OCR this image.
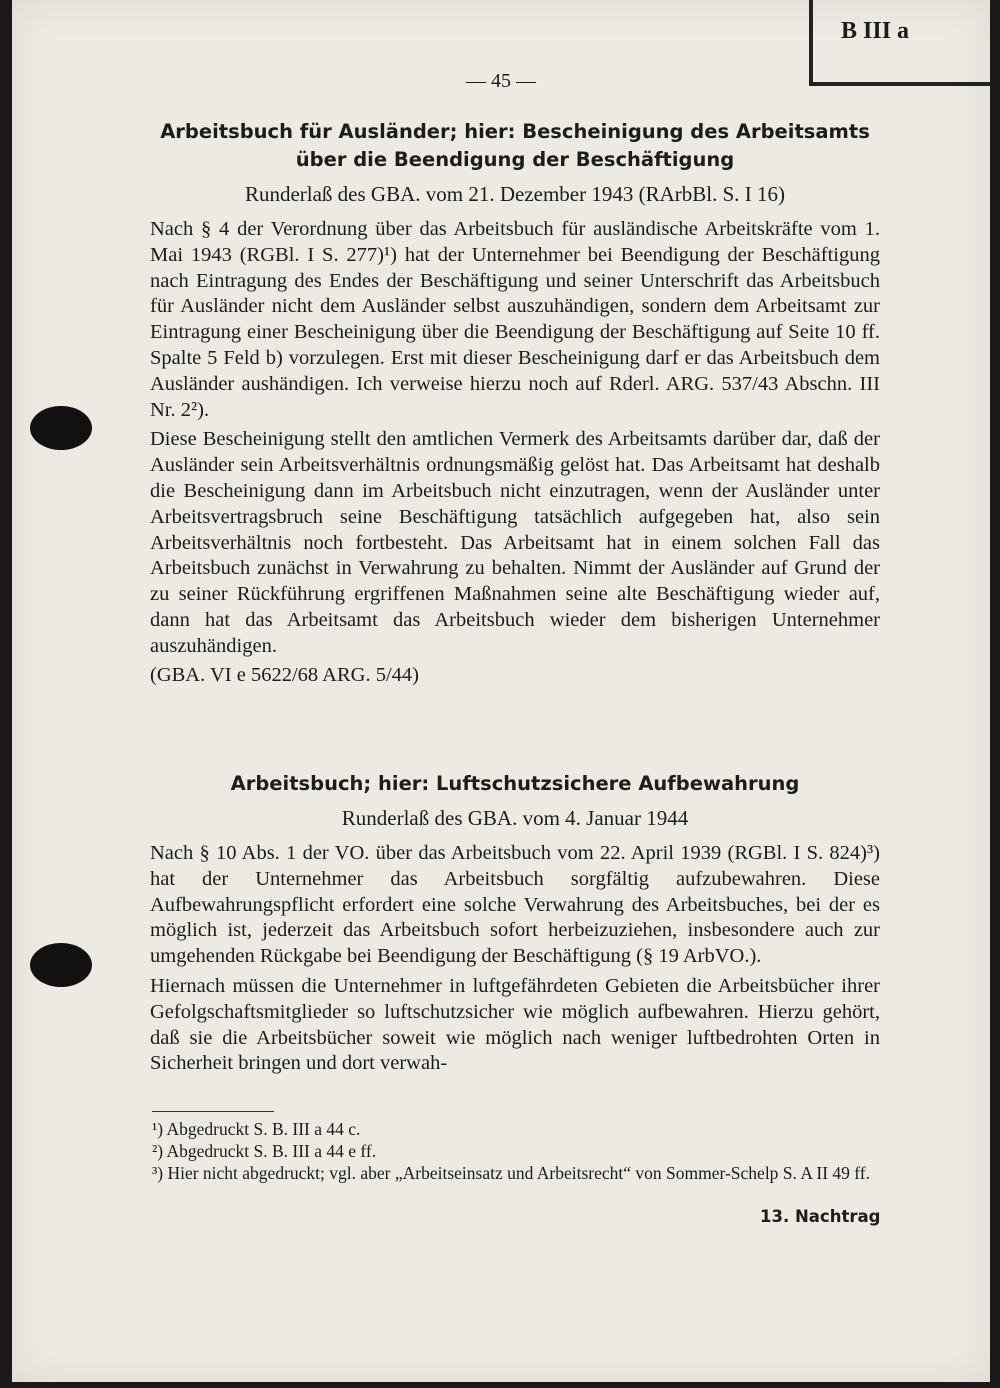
B III a
— 45 —

Arbeitsbuch für Ausländer; hier: Bescheinigung des Arbeitsamts

über die Beendigung der Beschäftigung

Runderlaß des GBA. vom 21. Dezember 1943 (RArbBl. S. I 16)

Nach § 4 der Verordnung über das Arbeitsbuch für ausländische Arbeitskräfte vom 1. Mai 1943 (RGBl. I S. 277)¹) hat der Unternehmer bei Beendigung der Beschäftigung nach Eintragung des Endes der Beschäftigung und seiner Unterschrift das Arbeitsbuch für Ausländer nicht dem Ausländer selbst auszuhändigen, sondern dem Arbeitsamt zur Eintragung einer Bescheinigung über die Beendigung der Beschäftigung auf Seite 10 ff. Spalte 5 Feld b) vorzulegen. Erst mit dieser Bescheinigung darf er das Arbeitsbuch dem Ausländer aushändigen. Ich verweise hierzu noch auf Rderl. ARG. 537/43 Abschn. III Nr. 2²).

Diese Bescheinigung stellt den amtlichen Vermerk des Arbeitsamts darüber dar, daß der Ausländer sein Arbeitsverhältnis ordnungsmäßig gelöst hat. Das Arbeitsamt hat deshalb die Bescheinigung dann im Arbeitsbuch nicht einzutragen, wenn der Ausländer unter Arbeitsvertragsbruch seine Beschäftigung tatsächlich aufgegeben hat, also sein Arbeitsverhältnis noch fortbesteht. Das Arbeitsamt hat in einem solchen Fall das Arbeitsbuch zunächst in Verwahrung zu behalten. Nimmt der Ausländer auf Grund der zu seiner Rückführung ergriffenen Maßnahmen seine alte Beschäftigung wieder auf, dann hat das Arbeitsamt das Arbeitsbuch wieder dem bisherigen Unternehmer auszuhändigen.

(GBA. VI e 5622/68 ARG. 5/44)

Arbeitsbuch; hier: Luftschutzsichere Aufbewahrung

Runderlaß des GBA. vom 4. Januar 1944

Nach § 10 Abs. 1 der VO. über das Arbeitsbuch vom 22. April 1939 (RGBl. I S. 824)³) hat der Unternehmer das Arbeitsbuch sorgfältig aufzubewahren. Diese Aufbewahrungspflicht erfordert eine solche Verwahrung des Arbeitsbuches, bei der es möglich ist, jederzeit das Arbeitsbuch sofort herbeizuziehen, insbesondere auch zur umgehenden Rückgabe bei Beendigung der Beschäftigung (§ 19 ArbVO.).

Hiernach müssen die Unternehmer in luftgefährdeten Gebieten die Arbeitsbücher ihrer Gefolgschaftsmitglieder so luftschutzsicher wie möglich aufbewahren. Hierzu gehört, daß sie die Arbeitsbücher soweit wie möglich nach weniger luftbedrohten Orten in Sicherheit bringen und dort verwah-

¹) Abgedruckt S. B. III a 44 c.

²) Abgedruckt S. B. III a 44 e ff.

³) Hier nicht abgedruckt; vgl. aber „Arbeitseinsatz und Arbeitsrecht“ von Sommer-Schelp S. A II 49 ff.

13. Nachtrag
